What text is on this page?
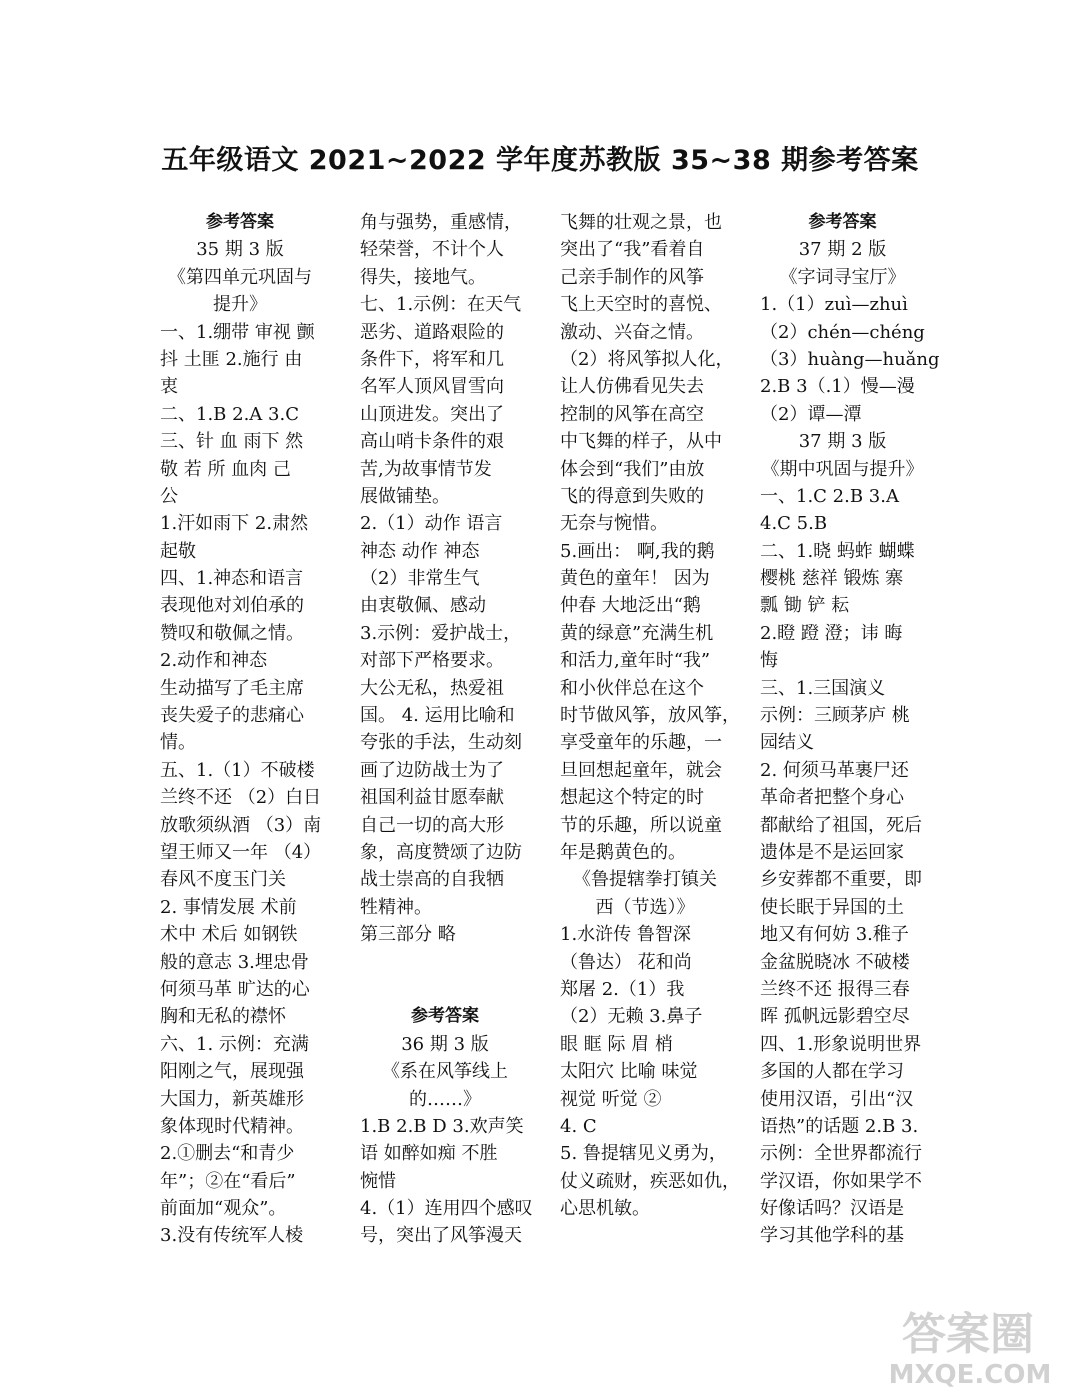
五年级语文 2021~2022 学年度苏教版 35~38 期参考答案
参考答案
35 期 3 版
《第四单元巩固与
提升》
一、1.绷带 审视 颤
抖 土匪 2.施行 由
衷
二、1.B 2.A 3.C
三、针 血 雨下 然
敬 若 所 血肉 己
公
1.汗如雨下 2.肃然
起敬
四、1.神态和语言
表现他对刘伯承的
赞叹和敬佩之情。
2.动作和神态
生动描写了毛主席
丧失爱子的悲痛心
情。
五、1.（1）不破楼
兰终不还 （2）白日
放歌须纵酒 （3）南
望王师又一年 （4）
春风不度玉门关
2. 事情发展 术前
术中 术后 如钢铁
般的意志 3.埋忠骨
何须马革 旷达的心
胸和无私的襟怀
六、1. 示例：充满
阳刚之气，展现强
大国力，新英雄形
象体现时代精神。
2.①删去“和青少
年”；②在“看后”
前面加“观众”。
3.没有传统军人棱
角与强势，重感情，
轻荣誉，不计个人
得失，接地气。
七、1.示例：在天气
恶劣、道路艰险的
条件下，将军和几
名军人顶风冒雪向
山顶进发。突出了
高山哨卡条件的艰
苦,为故事情节发
展做铺垫。
2.（1）动作 语言
神态 动作 神态
（2）非常生气
由衷敬佩、感动
3.示例：爱护战士，
对部下严格要求。
大公无私，热爱祖
国。 4. 运用比喻和
夸张的手法，生动刻
画了边防战士为了
祖国利益甘愿奉献
自己一切的高大形
象，高度赞颂了边防
战士崇高的自我牺
牲精神。
第三部分 略
参考答案
36 期 3 版
《系在风筝线上
的……》
1.B 2.B D 3.欢声笑
语 如醉如痴 不胜
惋惜
4.（1）连用四个感叹
号，突出了风筝漫天
飞舞的壮观之景，也
突出了“我”看着自
己亲手制作的风筝
飞上天空时的喜悦、
激动、兴奋之情。
（2）将风筝拟人化，
让人仿佛看见失去
控制的风筝在高空
中飞舞的样子，从中
体会到“我们”由放
飞的得意到失败的
无奈与惋惜。
5.画出： 啊,我的鹅
黄色的童年！ 因为
仲春 大地泛出“鹅
黄的绿意”充满生机
和活力,童年时“我”
和小伙伴总在这个
时节做风筝，放风筝，
享受童年的乐趣，一
旦回想起童年，就会
想起这个特定的时
节的乐趣，所以说童
年是鹅黄色的。
《鲁提辖拳打镇关
西（节选）》
1.水浒传 鲁智深
（鲁达） 花和尚
郑屠 2.（1）我
（2）无赖 3.鼻子
眼 眶 际 眉 梢
太阳穴 比喻 味觉
视觉 听觉 ②
4. C
5. 鲁提辖见义勇为，
仗义疏财，疾恶如仇，
心思机敏。
参考答案
37 期 2 版
《字词寻宝厅》
1.（1）zuì—zhuì
（2）chén—chéng
（3）huàng—huǎng
2.B 3（.1）慢—漫
（2）谭—潭
37 期 3 版
《期中巩固与提升》
一、1.C 2.B 3.A
4.C 5.B
二、1.晓 蚂蚱 蝴蝶
樱桃 慈祥 锻炼 寨
瓢 锄 铲 耘
2.瞪 蹬 澄；讳 晦
悔
三、1.三国演义
示例：三顾茅庐 桃
园结义
2. 何须马革裹尸还
革命者把整个身心
都献给了祖国，死后
遗体是不是运回家
乡安葬都不重要，即
使长眠于异国的土
地又有何妨 3.稚子
金盆脱晓冰 不破楼
兰终不还 报得三春
晖 孤帆远影碧空尽
四、1.形象说明世界
多国的人都在学习
使用汉语，引出“汉
语热”的话题 2.B 3.
示例：全世界都流行
学汉语，你如果学不
好像话吗？汉语是
学习其他学科的基
答案圈
MXQE.COM
